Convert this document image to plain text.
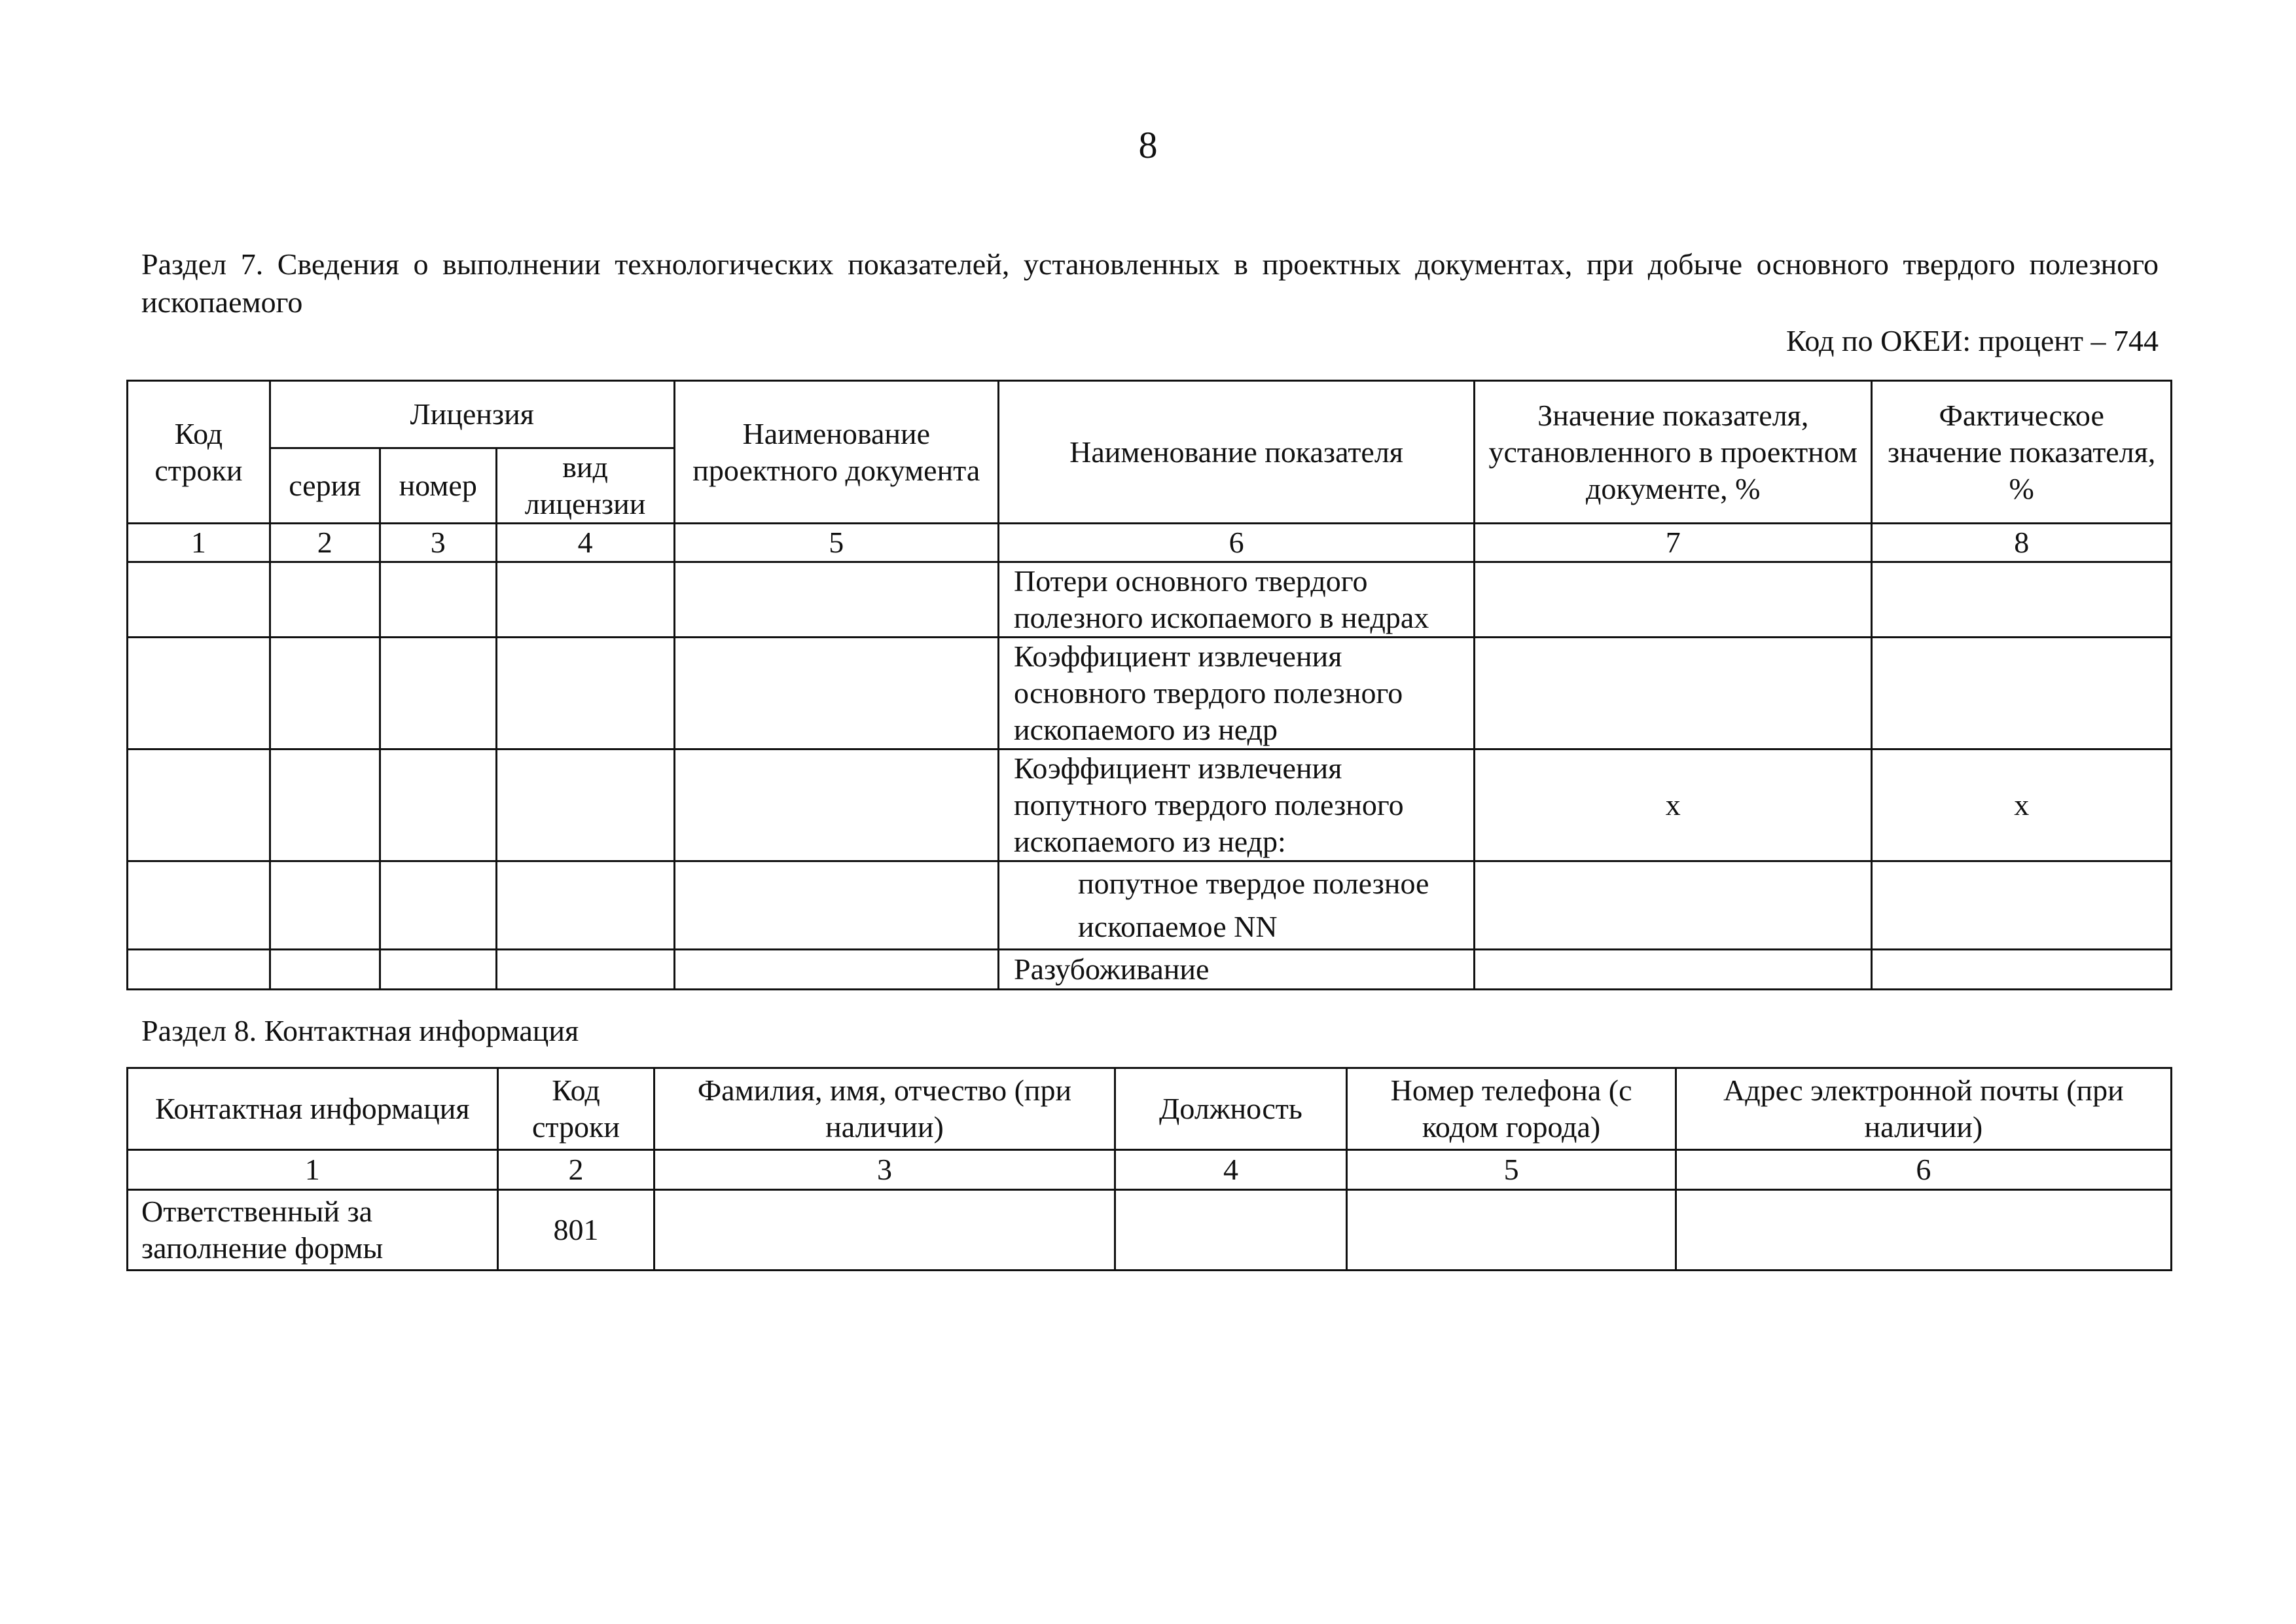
8
Раздел 7. Сведения о выполнении технологических показателей, установленных в проектных документах, при добыче основного твердого полезного ископаемого
Код по ОКЕИ: процент – 744
Код строки	Лицензия			Наименование проектного документа	Наименование показателя	Значение показателя, установленного в проектном документе, %	Фактическое значение показателя, %
	серия	номер	вид лицензии				
1	2	3	4	5	6	7	8
					Потери основного твердого полезного ископаемого в недрах		
					Коэффициент извлечения основного твердого полезного ископаемого из недр		
					Коэффициент извлечения попутного твердого полезного ископаемого из недр:	x	x
					попутное твердое полезное ископаемое NN		
					Разубоживание		
Раздел 8. Контактная информация
Контактная информация	Код строки	Фамилия, имя, отчество (при наличии)	Должность	Номер телефона (с кодом города)	Адрес электронной почты (при наличии)
1	2	3	4	5	6
Ответственный за заполнение формы	801				
